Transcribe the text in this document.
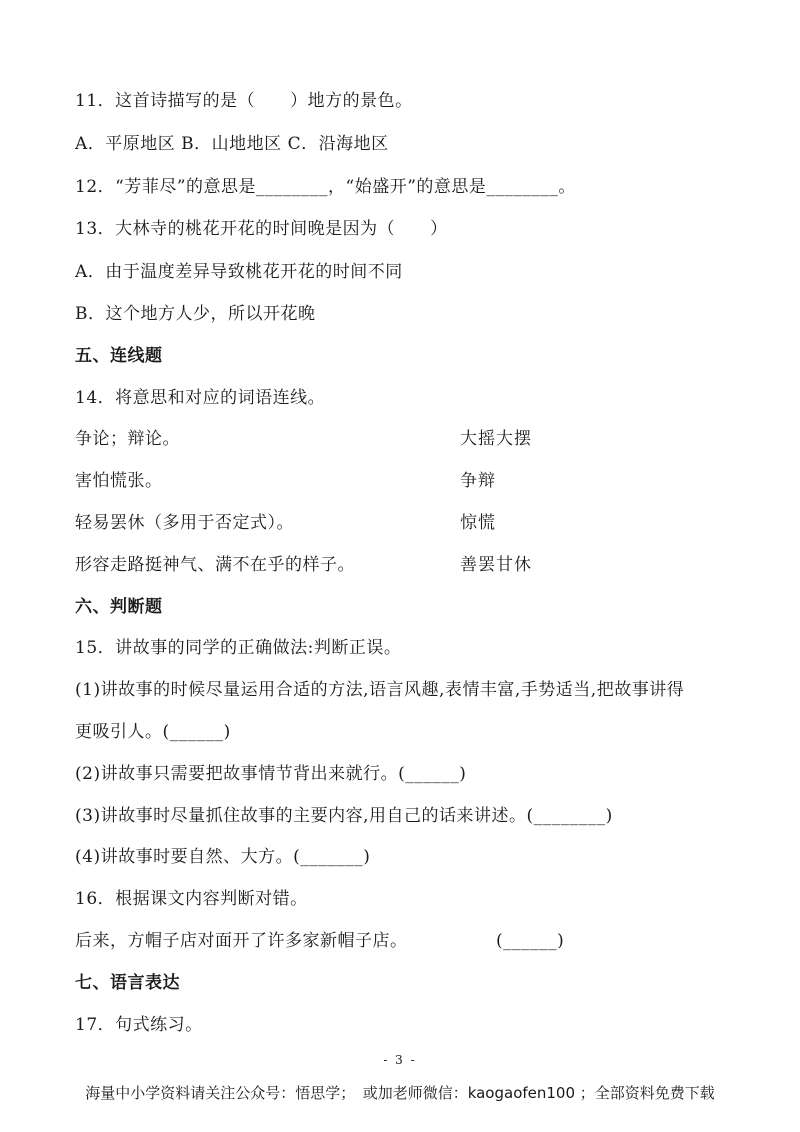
11．这首诗描写的是（　　）地方的景色。
A．平原地区 B．山地地区 C．沿海地区
12．“芳菲尽”的意思是________，“始盛开”的意思是________。
13．大林寺的桃花开花的时间晚是因为（　　）
A．由于温度差异导致桃花开花的时间不同
B．这个地方人少，所以开花晚
五、连线题
14．将意思和对应的词语连线。
争论；辩论。	大摇大摆
害怕慌张。	争辩
轻易罢休（多用于否定式）。	惊慌
形容走路挺神气、满不在乎的样子。	善罢甘休
六、判断题
15．讲故事的同学的正确做法:判断正误。
(1)讲故事的时候尽量运用合适的方法,语言风趣,表情丰富,手势适当,把故事讲得
更吸引人。(______)
(2)讲故事只需要把故事情节背出来就行。(______)
(3)讲故事时尽量抓住故事的主要内容,用自己的话来讲述。(________)
(4)讲故事时要自然、大方。(_______)
16．根据课文内容判断对错。
后来，方帽子店对面开了许多家新帽子店。	(______)
七、语言表达
17．句式练习。
- 3 -
海量中小学资料请关注公众号：悟思学；　或加老师微信：kaogaofen100 ；全部资料免费下载
